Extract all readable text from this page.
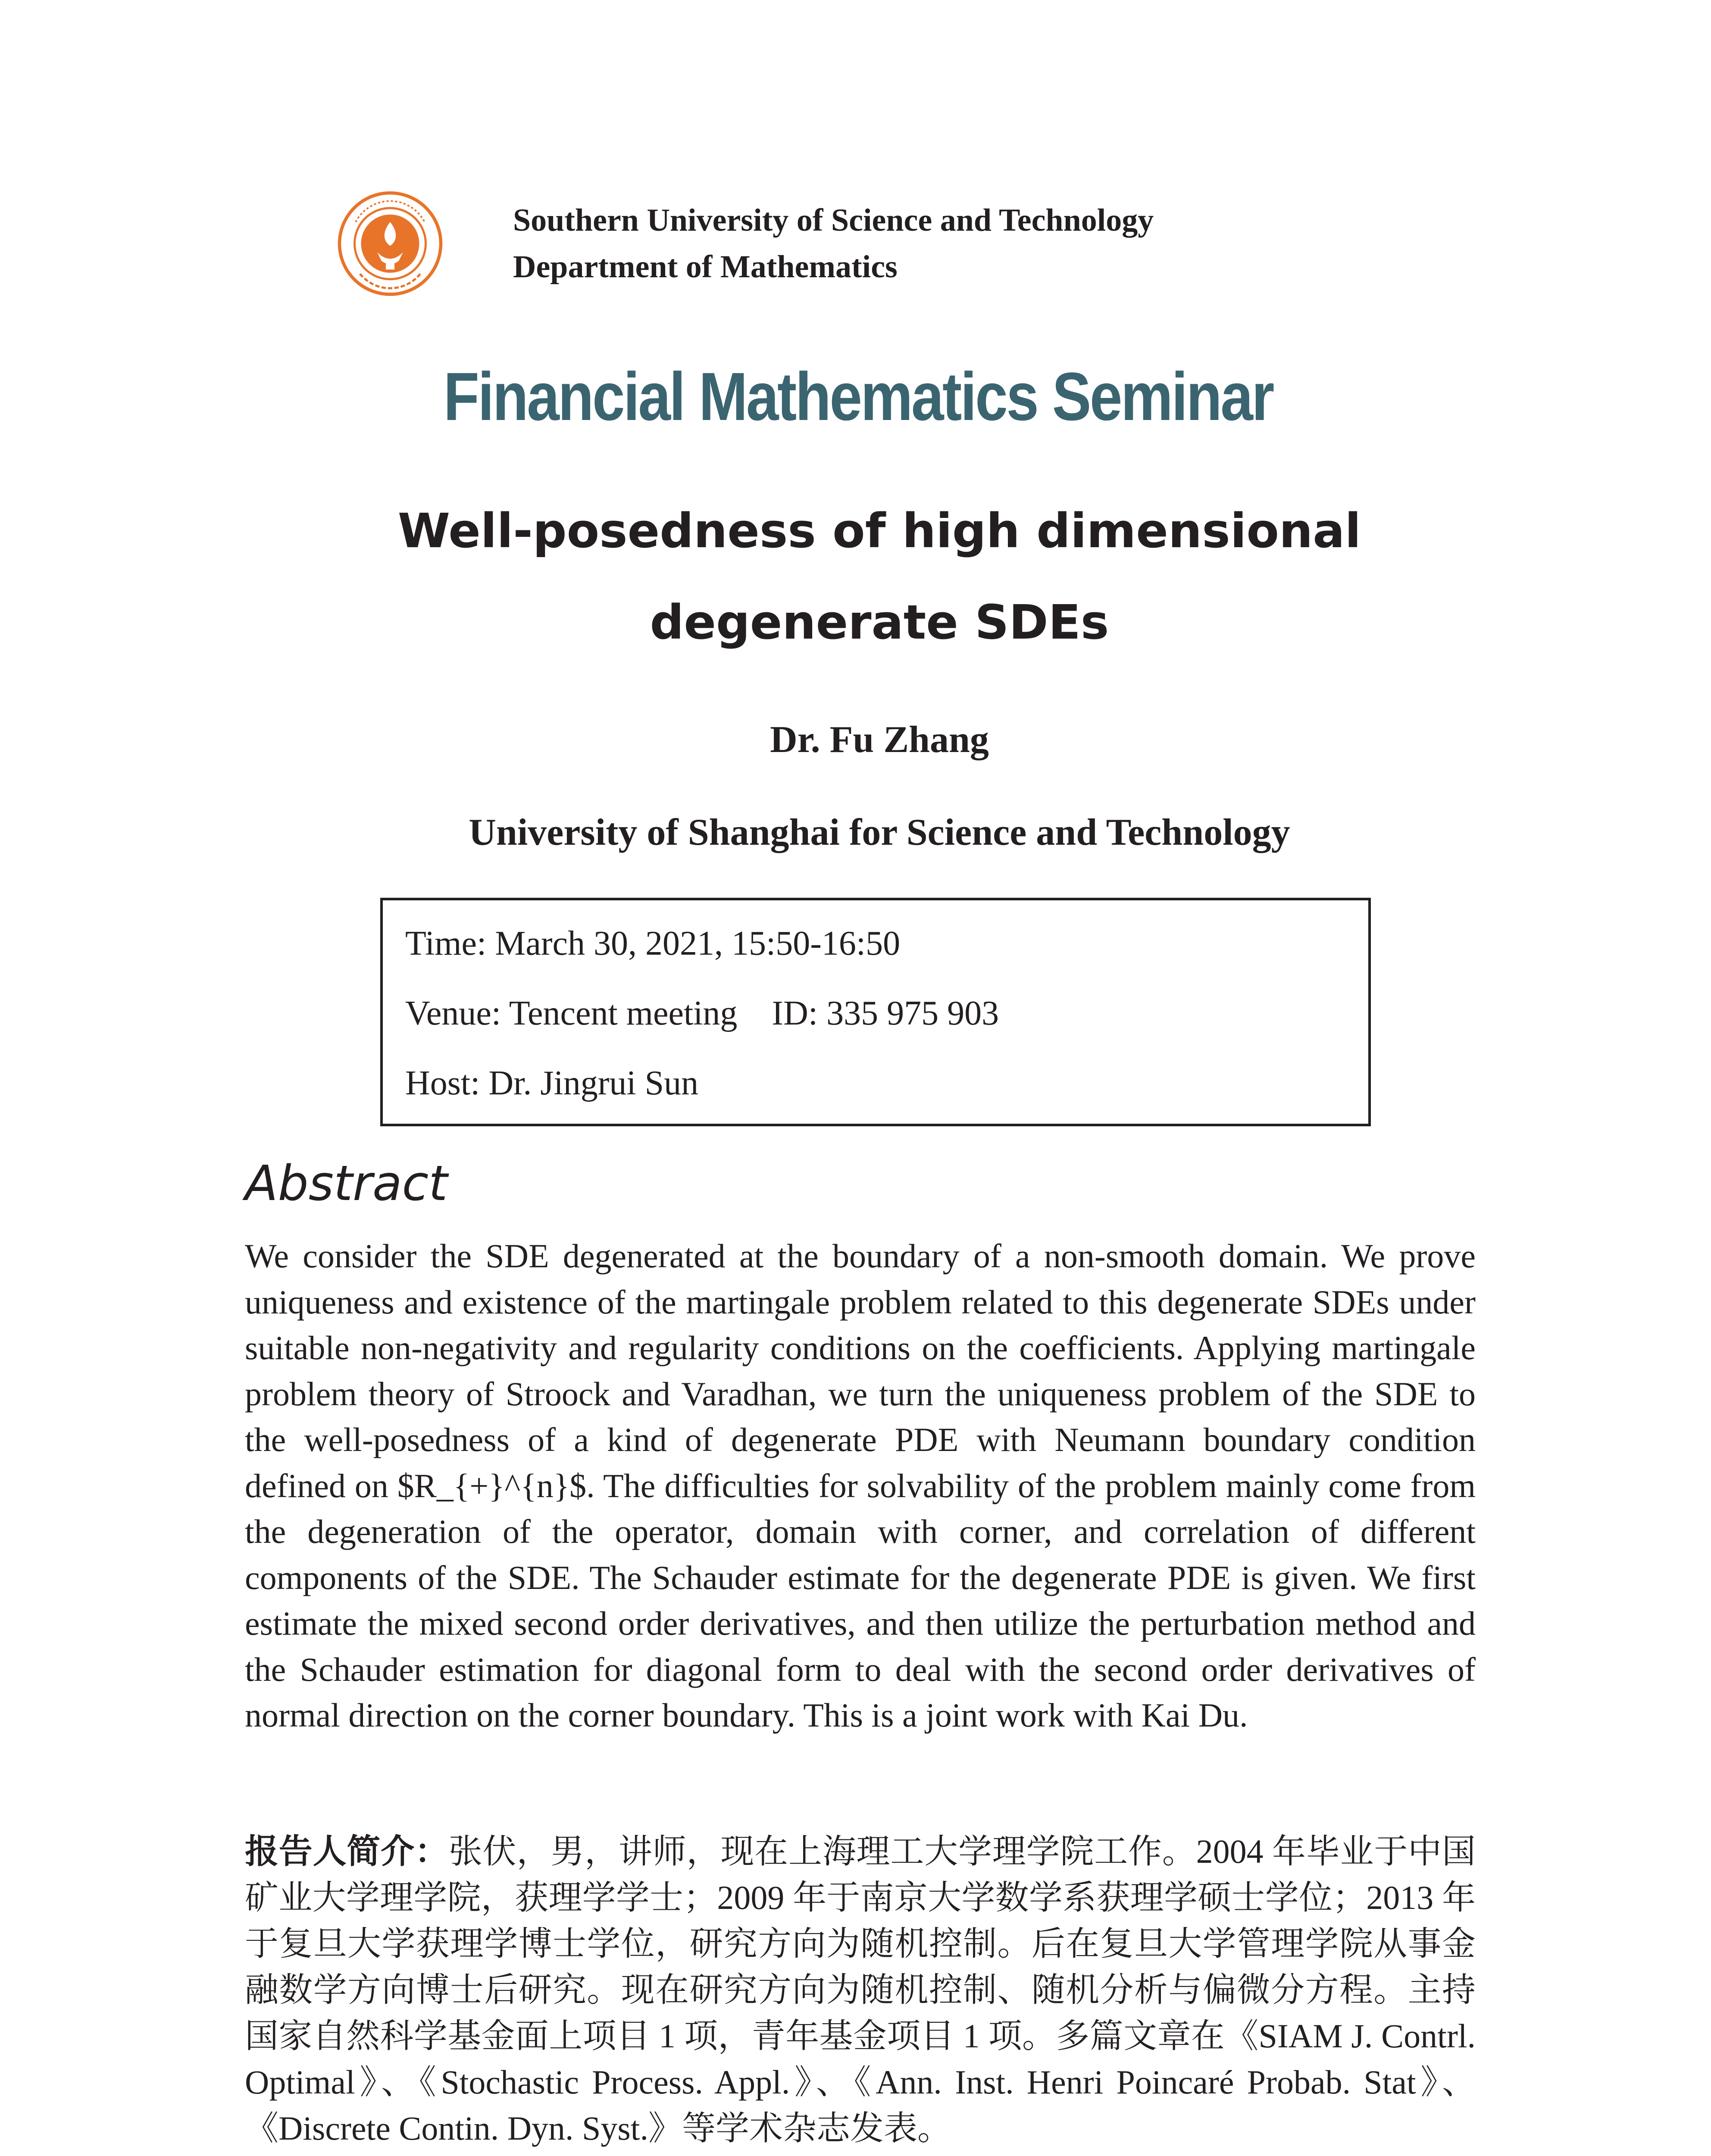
Southern University of Science and Technology
Department of Mathematics
Financial Mathematics Seminar
Well-posedness of high dimensional
degenerate SDEs
Dr. Fu Zhang
University of Shanghai for Science and Technology
Time: March 30, 2021, 15:50-16:50
Venue: Tencent meeting    ID: 335 975 903
Host: Dr. Jingrui Sun
Abstract
We consider the SDE degenerated at the boundary of a non-smooth domain. We prove uniqueness and existence of the martingale problem related to this degenerate SDEs under suitable non-negativity and regularity conditions on the coefficients. Applying martingale problem theory of Stroock and Varadhan, we turn the uniqueness problem of the SDE to the well-posedness of a kind of degenerate PDE with Neumann boundary condition defined on $R_{+}^{n}$. The difficulties for solvability of the problem mainly come from the degeneration of the operator, domain with corner, and correlation of different components of the SDE. The Schauder estimate for the degenerate PDE is given. We first estimate the mixed second order derivatives, and then utilize the perturbation method and the Schauder estimation for diagonal form to deal with the second order derivatives of normal direction on the corner boundary. This is a joint work with Kai Du.
报告人简介：张伏，男，讲师，现在上海理工大学理学院工作。2004 年毕业于中国矿业大学理学院，获理学学士；2009 年于南京大学数学系获理学硕士学位；2013 年于复旦大学获理学博士学位，研究方向为随机控制。后在复旦大学管理学院从事金融数学方向博士后研究。现在研究方向为随机控制、随机分析与偏微分方程。主持国家自然科学基金面上项目 1 项，青年基金项目 1 项。多篇文章在《SIAM J. Contrl. Optimal》、《Stochastic Process. Appl.》、《Ann. Inst. Henri Poincaré Probab. Stat》、《Discrete Contin. Dyn. Syst.》等学术杂志发表。
